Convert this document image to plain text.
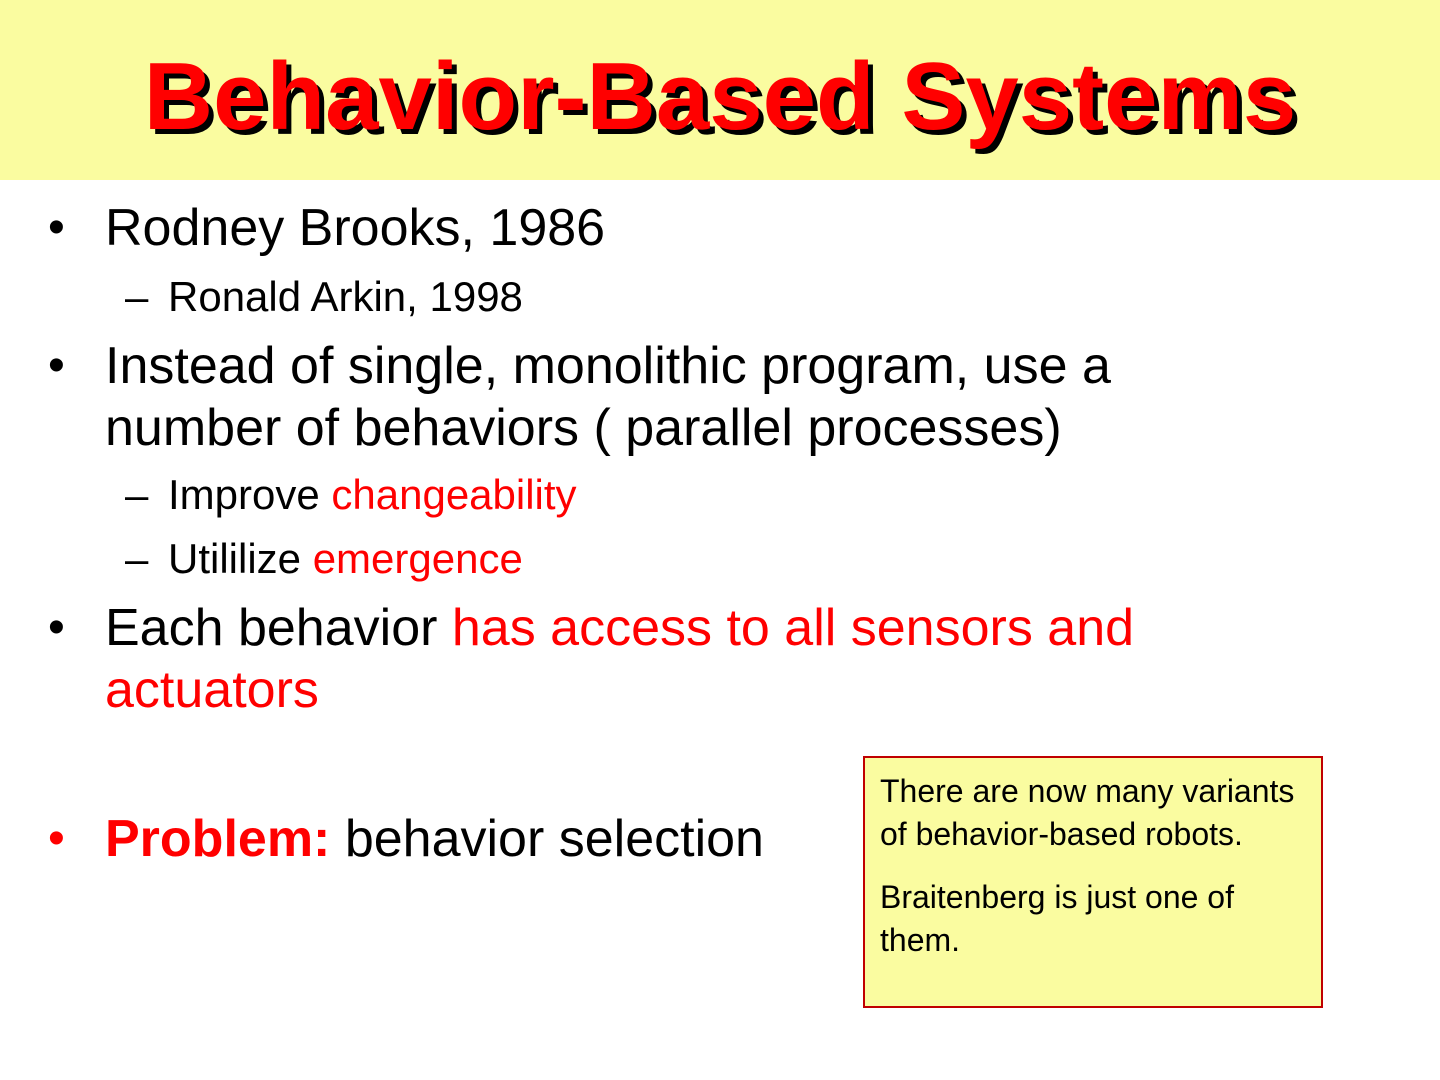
Behavior-Based Systems
• Rodney Brooks, 1986
– Ronald Arkin, 1998
• Instead of single, monolithic program, use a number of behaviors ( parallel processes)
– Improve changeability
– Utililize emergence
• Each behavior has access to all sensors and actuators
• Problem: behavior selection

There are now many variants of behavior-based robots.

Braitenberg is just one of them.
